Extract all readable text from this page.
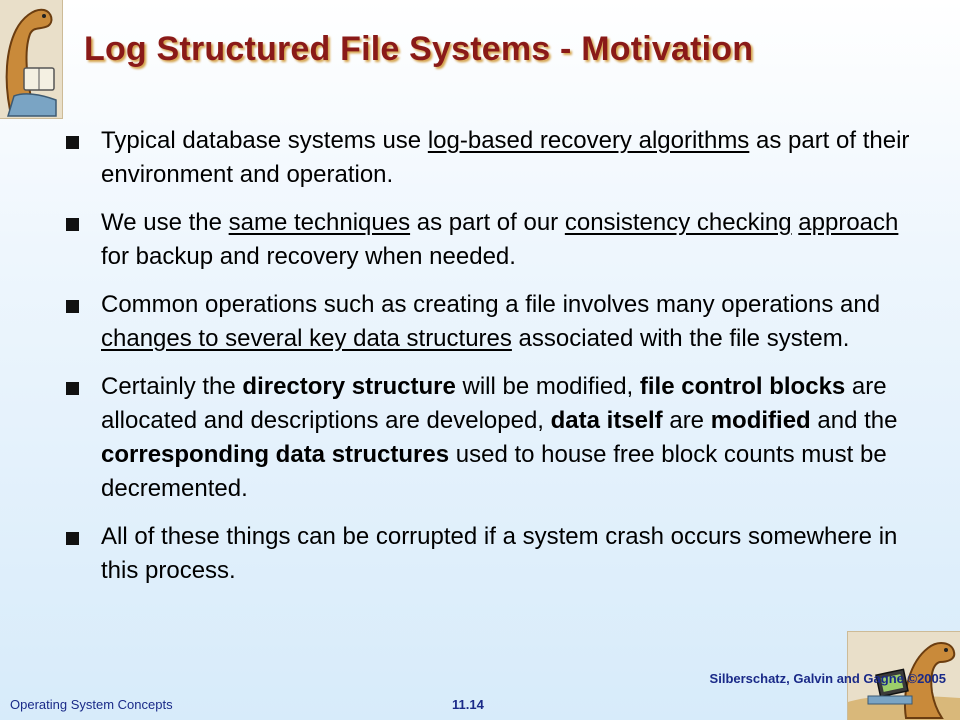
Log Structured File Systems - Motivation
Typical database systems use log-based recovery algorithms as part of their environment and operation.
We use the same techniques as part of our consistency checking approach for backup and recovery when needed.
Common operations such as creating a file involves many operations and changes to several key data structures associated with the file system.
Certainly the directory structure will be modified, file control blocks are allocated and descriptions are developed, data itself are modified and the corresponding data structures used to house free block counts must be decremented.
All of these things can be corrupted if a system crash occurs somewhere in this process.
Operating System Concepts	11.14
Silberschatz, Galvin and Gagne ©2005
